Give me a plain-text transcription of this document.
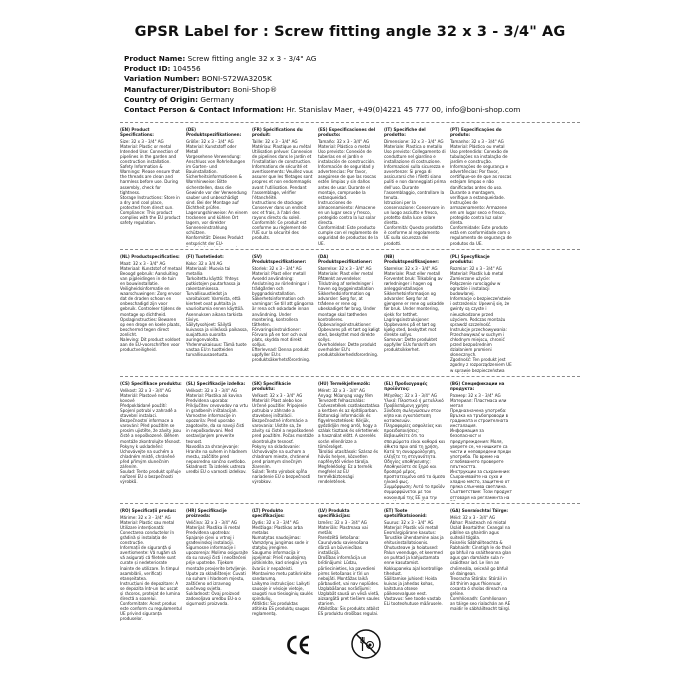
GPSR Label for : Screw fitting angle 32 x 3 - 3/4" AG
Product Name: Screw fitting angle 32 x 3 - 3/4" AG
Product ID: 104556
Variation Number: BONI-S72WA3205K
Manufacturer/Distributor: Boni-Shop®
Country of Origin: Germany
Contact Person & Contact Information: Hr. Stanislav Maer, +49(0)4221 45 777 00, info@boni-shop.com

(EN) Product Specifications:

Size: 32 x 3 - 3/4" AG
Material: Plastic or metal
Intended Use: Connection of pipelines in the garden and construction installation.
Safety Information & Warnings: Please ensure that the threads are clean and harmless before use. During assembly, check for tightness.
Storage Instructions: Store in a dry and cool place, protected from direct sun.
Compliance: This product complies with the EU product safety regulation.

(DE) Produktspezifikationen:

Größe: 32 x 3 - 3/4" AG
Material: Kunststoff oder Metall
Vorgesehene Verwendung: Anschluss von Rohrleitungen im Garten- und Bauinstallation.
Sicherheitsinformationen & Warnhinweise: Bitte sicherstellen, dass die Gewinde vor der Verwendung sauber und unbeschädigt sind. Bei der Montage auf Dichtheit prüfen.
Lagerungshinweise: An einem trockenen und kühlen Ort lagern, vor direkter Sonneneinstrahlung schützen.
Konformität: Dieses Produkt entspricht der EU-

(FR) Spécifications du produit:

Taille: 32 x 3 - 3/4" AG
Matériau: Plastique ou métal
Utilisation prévue: Connexion de pipelines dans le jardin et l'installation de construction.
Informations de sécurité et avertissements: Veuillez vous assurer que les filetages sont propres et non endommagés avant l'utilisation. Pendant l'assemblage, vérifier l'étanchéité.
Instructions de stockage: Conserver dans un endroit sec et frais, à l'abri des rayons directs du soleil.
Conformité: Ce produit est conforme au règlement de l'UE sur la sécurité des produits.

(ES) Especificaciones del producto:

Tamaño: 32 x 3 - 3/4" AG
Material: Plástico o metal
Uso previsto: Conexión de tuberías en el jardín e instalación de construcción.
Información de seguridad y advertencias: Por favor, asegúrese de que las roscas estén limpias y sin daños antes de usar. Durante el montaje, compruebe la estanqueidad.
Instrucciones de almacenamiento: Almacene en un lugar seco y fresco, protegido contra la luz solar directa.
Conformidad: Este producto cumple con el reglamento de seguridad de productos de la UE.

(IT) Specifiche del prodotto:

Dimensione: 32 x 3 - 3/4" AG
Materiale: Plastica o metallo
Uso previsto: Collegamento di condutture nel giardino e installazione di costruzione.
Informazioni sulla sicurezza e avvertenze: Si prega di assicurarsi che i filetti siano puliti e non danneggiati prima dell'uso. Durante l'assemblaggio, controllare la tenuta.
Istruzioni per la conservazione: Conservare in un luogo asciutto e fresco, protetto dalla luce solare diretta.
Conformità: Questo prodotto è conforme al regolamento UE sulla sicurezza dei prodotti.

(PT) Especificações do produto:

Tamanho: 32 x 3 - 3/4" AG
Material: Plástico ou metal
Uso pretendido: Conexão de tubulações na instalação de jardim e construção.
Informações de segurança e advertências: Por favor, certifique-se de que as roscas estejam limpas e não danificadas antes do uso. Durante a montagem, verifique a estanqueidade.
Instruções de armazenamento: Armazene em um lugar seco e fresco, protegido contra luz solar direta.
Conformidade: Este produto está em conformidade com o regulamento de segurança de produtos da UE.

(NL) Productspecificaties:

Maat: 32 x 3 - 3/4" AG
Materiaal: Kunststof of metaal
Beoogd gebruik: Aansluiting van pijpleidingen in de tuin en bouwinstallatie.
Veiligheidsinformatie en waarschuwingen: Zorg ervoor dat de draden schoon en onbeschadigd zijn voor gebruik. Controleer tijdens de montage op dichtheid.
Opslaginstructies: Bewaren op een droge en koele plaats, beschermd tegen direct zonlicht.
Naleving: Dit product voldoet aan de EU-voorschriften voor productveiligheid.

(FI) Tuotetiedot:

Koko: 32 x 3/4 AG
Materiaali: Muovia tai metallia
Tarkoitettu käyttö: Yhteys putkistojen puutarhassa ja rakentamisessa.
Turvallisuustiedot ja varoitukset: Varmista, että kierteet ovat puhtaita ja vaurioitumia ennen käyttöä. Asennuksen aikana tarkista tiiviys.
Säilytysohjeet: Säilytä kuivassa ja viileässä paikassa, suojattuna suoralta auringonvalolta.
Yhdenmukaisuus: Tämä tuote vastaa EU:n tuotteiden turvallisuusasetusta.

(SV) Produktspecifikationer:

Storlek: 32 x 3 - 3/4" AG
Material: Plast eller metall
Avsedd användning: Anslutning av rörledningar i trädgården och byggnadsinstallation.
Säkerhetsinformation och varningar: Se till att gängorna är rena och oskadade innan användning. Under montering, kontrollera tätheten.
Förvaringsinstruktioner: Förvara på en torr och sval plats, skydda mot direkt solljus.
Efterlevnad: Denna produkt uppfyller EU:s produktsäkerhetsförordning.

(DA) Produktspecifikationer:

Størrelse: 32 x 3 - 3/4" AG
Materiale: Plast eller metal
Påtænkt anvendelse: Tilslutning af rørledninger i haven og byggeinstallation
Sikkerhedsinformation og advarsler: Sørg for, at trådene er rene og ubeskadiget før brug. Under montage skal tætheden kontrolleres.
Opbevaringsinstruktioner: Opbevares på et tørt og køligt sted, beskyttet mod direkte sollys.
Overholdelse: Dette produkt overholder EU's produktsikkerhedsforordning.

(NB) Produktspesifikasjoner:

Størrelse: 32 x 3 - 3/4" AG
Materiale: Plast eller metall
Forventet bruk: Tilkobling av rørledninger i hagen og anleggsinstallasjon
Sikkerhetsinformasjon og advarsler: Sørg for at gjengene er rene og uskadde før bruk. Under montering, sjekk for tetthet.
Lagringsinstruksjoner: Oppbevares på et tørt og kjølig sted, beskyttet mot direkte sollys.
Samsvar: Dette produktet oppfyller EUs forskrift om produktsikkerhet.

(PL) Specyfikacje produktu:

Rozmiar: 32 x 3 - 3/4" AG
Materiał: Plastik lub metal
Zamierzone użycie: Połączenie rurociągów w ogrodzie i instalacji budowlanej.
Informacje o bezpieczeństwie i ostrzeżenia: Upewnij się, że gwinty są czyste i nieuszkodzone przed użyciem. Podczas montażu sprawdź szczelność.
Instrukcje przechowywania: Przechowywać w suchym i chłodnym miejscu, chronić przed bezpośrednim działaniem promieni słonecznych.
Zgodność: Ten produkt jest zgodny z rozporządzeniem UE w sprawie bezpieczeństwa

(CS) Specifikace produktu:

Velikost: 32 x 3 - 3/4" AG
Materiál: Plastové nebo kovové
Předpokládané použití: Spojení potrubí v zahradě a stavební instalaci.
Bezpečnostní informace a varování: Před použitím se prosím ujistěte, že závity jsou čisté a nepoškozené. Během montáže zkontrolujte těsnost.
Pokyny k uskladnění: Uchovávejte na suchém a chladném místě, chráněné před přímým slunečním zářením.
Soulad: Tento produkt splňuje nařízení EU o bezpečnosti výrobků.

(SL) Specifikacije izdelka:

Velikost: 32 x 3 - 3/4" AG
Material: Plastika ali kovina
Predvidena uporaba: Priključitev cevovodov na vrtu in gradbenih inštalacijah.
Varnostne informacije in opozorila: Pred uporabo zagotovite, da so navoji čisti in nepoškodovani. Med sestavljanjem preverite tesnost.
Navodila za shranjevanje: Hranite na suhem in hladnem mestu, zaščitite pred neposredno sončno svetlobo.
Skladnost: Ta izdelek ustreza uredbi EU o varnosti izdelkov.

(SK) Špecifikácie produktu:

Veľkosť: 32 x 3 - 3/4" AG
Materiál: Plast alebo kov
Určené použitie: Pripojenie potrubia v záhrade a stavebnej inštalácii.
Bezpečnostné informácie a varovania: Uistite sa, že závity sú čisté a nepoškodené pred použitím. Počas montáže skontrolujte tesnosť.
Pokyny na skladovanie: Uchovávajte na suchom a chladnom mieste, chránené pred priamym slnečným žiarením.
Súlad: Tento výrobok spĺňa nariadenie EÚ o bezpečnosti výrobkov.

(HU) Termékjellemzők:

Méret: 32 x 3 - 3/4" AG
Anyag: Műanyag vagy fém
Tervezett felhasználás: Csővezetékek csatlakoztatása a kertben és az építőiparban.
Biztonsági információk és figyelmeztetések: Kérjük, győződjön meg arról, hogy a szálak tisztaak és sértetlenek a használat előtt. A szerelés során ellenőrizze a tömörséget.
Tárolási utasítások: Száraz és hűvös helyen, közvetlen napfénytől védve tárolja.
Megfelelőség: Ez a termék megfelel az EU termékbiztonsági rendeletének.

(EL) Προδιαγραφές προϊόντος:

Μέγεθος: 32 x 3 - 3/4" AG
Υλικό: Πλαστικό ή μεταλλικό
Προβλεπόμενη χρήση: Σύνδεση σωληνώσεων στον κήπο και εγκατάσταση κατασκευών.
Πληροφορίες ασφαλείας και προειδοποιήσεις: Βεβαιωθείτε ότι τα σπειρώματα είναι καθαρά και άθικτα πριν από τη χρήση. Κατά τη συναρμολόγηση, ελέγξτε τη στεγανότητα.
Οδηγίες αποθήκευσης: Αποθηκεύστε σε ξηρό και δροσερό μέρος, προστατευμένο από το άμεσο ηλιακό φως.
Συμμόρφωση: Αυτό το προϊόν συμμορφώνεται με τον κανονισμό της ΕΕ για την

(BG) Спецификации на продукта:

Размер: 32 x 3 - 3/4" AG
Материал: Пластмаса или метал
Предназначена употреба: Връзка на тръбопроводи в градината и строителната инсталация.
Информация за безопасност и предупреждения: Моля, уверете се, че нишките са чисти и неповредени преди употреба. По време на сглобяването проверете плътността.
Инструкции за съхранение: Съхранявайте на сухо и хладно място, защитено от пряка слънчева светлина.
Съответствие: Този продукт отговаря на регламента на

(RO) Specificații produs:

Mărime: 32 x 3 - 3/4" AG
Material: Plastic sau metal
Utilizare intenționată: Conectarea conductelor în grădină și instalația de construcție.
Informații de siguranță și avertismente: Vă rugăm să vă asigurați că filetele sunt curate și nedeteriorate înainte de utilizare. În timpul asamblării, verificați etanșeitatea.
Instrucțiuni de depozitare: A se depozita într-un loc uscat și răcoros, protejat de lumina directă a soarelui.
Conformitate: Acest produs este conform cu regulamentul UE privind siguranța produselor.

(HR) Specifikacije proizvoda:

Veličina: 32 x 3 - 3/4" AG
Materijal: Plastika ili metal
Predviđena upotreba: Spajanje cjevi u vrtnoj i građevinskoj instalaciji.
Sigurnosne informacije i upozorenja: Molimo osigurajte da su navoji čisti i neoštećeni prije upotrebe. Tijekom montaže provjerite brtvljenje.
Upute za skladištenje: Čuvati na suhom i hladnom mjestu, zaštićeno od izravnog sunčevog svjetla.
Sukladnost: Ovaj proizvod zadovoljava uredbu EU-a o sigurnosti proizvoda.

(LT) Produkto specifikacijos:

Dydis: 32 x 3 - 3/4" AG
Medžiaga: Plastikas arba metalas
Numatytas naudojimas: Vamzdynų jungimas sode ir statybų įrengime.
Saugumo informacija ir įspėjimai: Prieš naudojimą įsitikinkite, kad sriegiai yra švarūs ir nepažeisti. Montavimo metu patikrinkite sandarumą.
Laikymo instrukcijos: Laikyti sausoje ir vėsioje vietoje, saugoti nuo tiesioginių saulės spindulių.
Atitiktis: Šis produktas atitinka ES produktų saugos reglamentą.

(LV) Produkta specifikācijas:

Izmērs: 32 x 3 - 3/4" AG
Materiāls: Plastmasa vai metāls
Paredzētā lietošana: Cauruļvadu savienošana dārzā un būvniecības instalācijā.
Drošības informācija un brīdinājumi: Lūdzu, pārliecinieties, ka pavedieni pirms lietošanas ir tīri un nebojāti. Montāžas laikā pārbaudiet, vai nav noplūdes.
Uzglabāšanas norādījumi: Uzglabāt sausā un vēsā vietā, aizsargātā pret tiešiem saules stariem.
Atbilstība: Šis produkts atbilst ES produktu drošības regulai.

(ET) Toote spetsifikatsioonid:

Suurus: 32 x 3 - 3/4" AG
Materjal: Plastik või metall
Eesmärgipärane kasutus: Torustike ühendamine aias ja ehitusinstallatsioonis.
Ohutusteave ja hoiatused: Palun veenduge, et keermed on puhtad ja kahjustamata enne kasutamist. Kokkupaneku ajal kontrollige tihedust.
Säilitamise juhised: Hoida kuivas ja jahedas kohas, kaitstuna otsese päikesevalguse eest.
Vastavus: See toode vastab ELi tooteohutuse määrusele.

(GA) Sonraíochtaí Táirge:

Méid: 32 x 3 - 3/4" AG
Ábhar: Plaisteach nó miotal
Úsáid Beartaithe: Ceangal na píblíne sa ghairdín agus suiteáil tógála.
Faisnéis Sábháilteachta & Rabhaidh: Cinntigh le do thoil go bhfuil na snáitheanna glan agus gan damáiste sula n-úsáidtear iad. Le linn an chóimeála, seiceáil go bhfuil sé daingean.
Treoracha Stórála: Stóráil in áit thirim agus fhionnuar, cosanta ó sholas díreach na gréine.
Comhlíonadh: Comhlíonann an táirge seo rialachán an AE maidir le sábháilteacht táirgí.
